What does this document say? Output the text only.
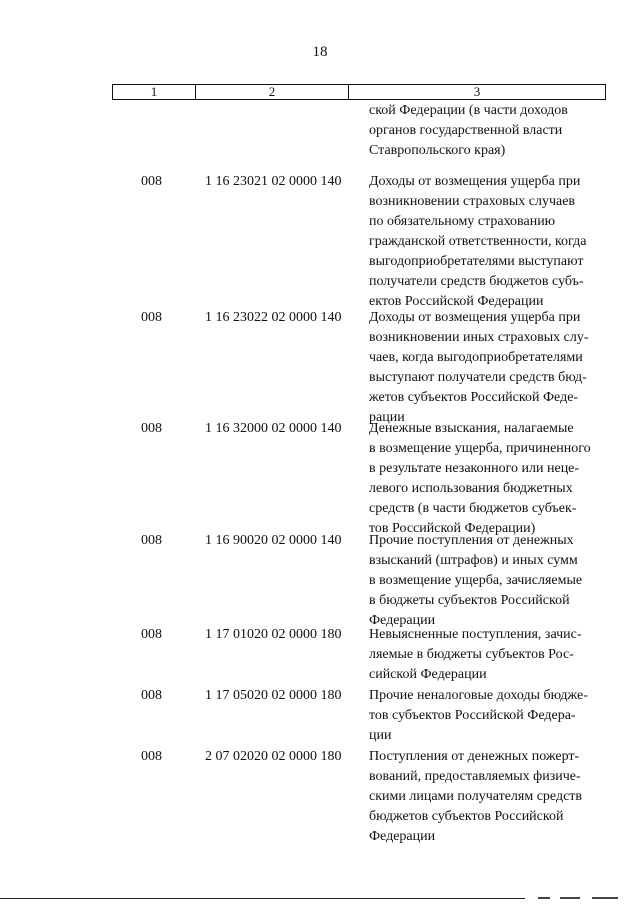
18
1	2	3
ской Федерации (в части доходов
органов государственной власти
Ставропольского края)
008	1 16 23021 02 0000 140 Доходы от возмещения ущерба при
возникновении страховых случаев
по обязательному страхованию
гражданской ответственности, когда
выгодоприобретателями выступают
получатели средств бюджетов субъ-
ектов Российской Федерации
008	1 16 23022 02 0000 140 Доходы от возмещения ущерба при
возникновении иных страховых слу-
чаев, когда выгодоприобретателями
выступают получатели средств бюд-
жетов субъектов Российской Феде-
рации
008	1 16 32000 02 0000 140 Денежные взыскания, налагаемые
в возмещение ущерба, причиненного
в результате незаконного или неце-
левого использования бюджетных
средств (в части бюджетов субъек-
тов Российской Федерации)
008	1 16 90020 02 0000 140 Прочие поступления от денежных
взысканий (штрафов) и иных сумм
в возмещение ущерба, зачисляемые
в бюджеты субъектов Российской
Федерации
008	1 17 01020 02 0000 180 Невыясненные поступления, зачис-
ляемые в бюджеты субъектов Рос-
сийской Федерации
008	1 17 05020 02 0000 180 Прочие неналоговые доходы бюдже-
тов субъектов Российской Федера-
ции
008	2 07 02020 02 0000 180 Поступления от денежных пожерт-
вований, предоставляемых физиче-
скими лицами получателям средств
бюджетов субъектов Российской
Федерации
